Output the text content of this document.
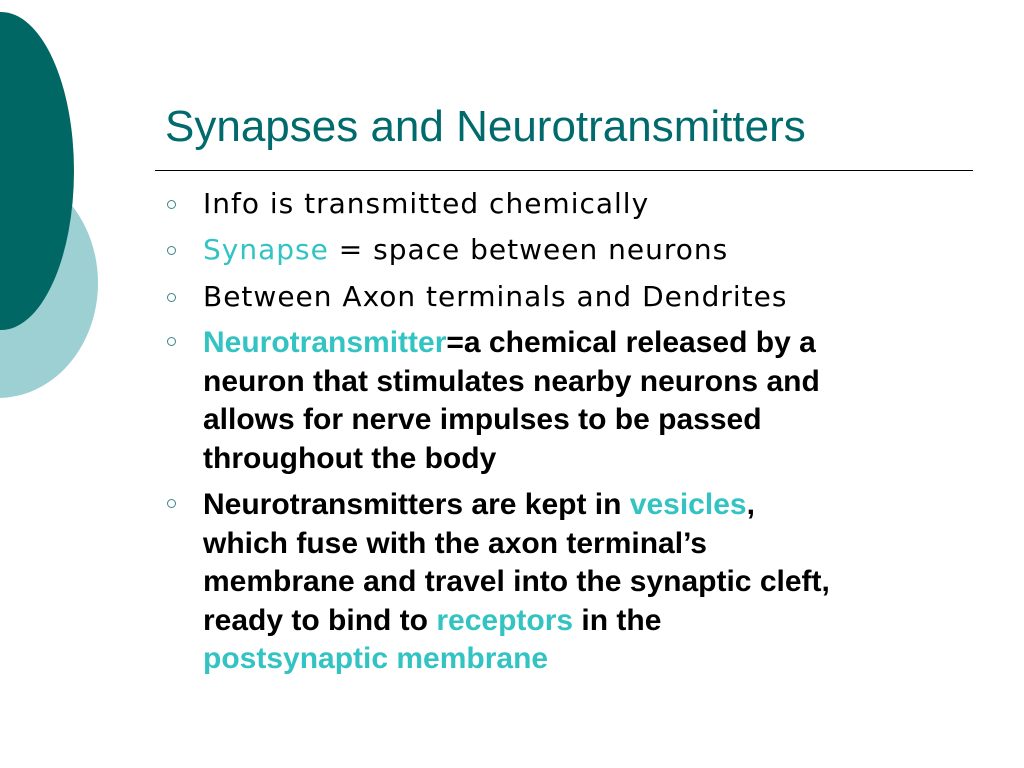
Synapses and Neurotransmitters
Info is transmitted chemically
Synapse = space between neurons
Between Axon terminals and Dendrites
Neurotransmitter=a chemical released by a
neuron that stimulates nearby neurons and
allows for nerve impulses to be passed
throughout the body
Neurotransmitters are kept in vesicles,
which fuse with the axon terminal’s
membrane and travel into the synaptic cleft,
ready to bind to receptors in the
postsynaptic membrane
